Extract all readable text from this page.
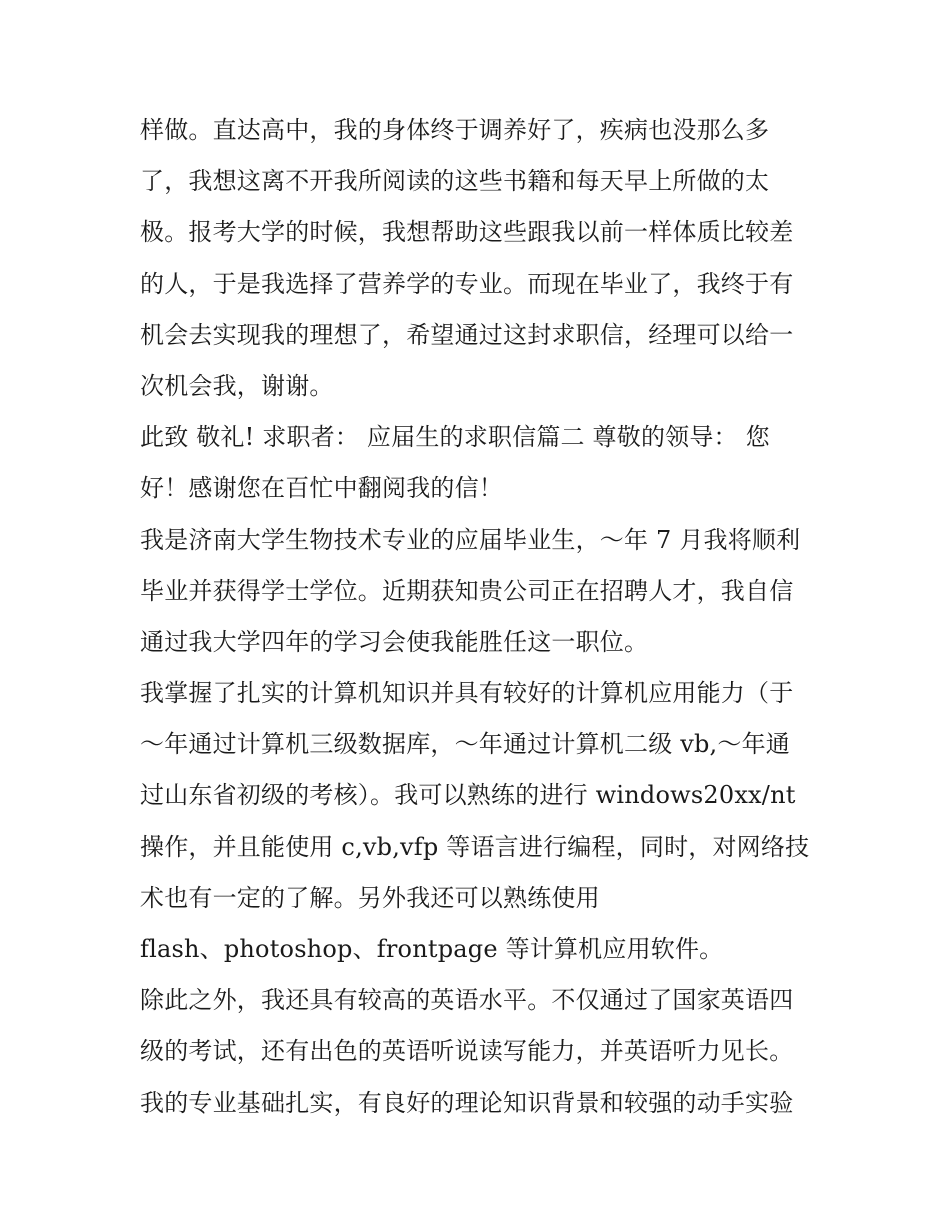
样做。直达高中，我的身体终于调养好了，疾病也没那么多
了，我想这离不开我所阅读的这些书籍和每天早上所做的太
极。报考大学的时候，我想帮助这些跟我以前一样体质比较差
的人，于是我选择了营养学的专业。而现在毕业了，我终于有
机会去实现我的理想了，希望通过这封求职信，经理可以给一
次机会我，谢谢。
此致 敬礼! 求职者： 应届生的求职信篇二 尊敬的领导： 您
好！感谢您在百忙中翻阅我的信！
我是济南大学生物技术专业的应届毕业生，～年 7 月我将顺利
毕业并获得学士学位。近期获知贵公司正在招聘人才，我自信
通过我大学四年的学习会使我能胜任这一职位。
我掌握了扎实的计算机知识并具有较好的计算机应用能力（于
～年通过计算机三级数据库，～年通过计算机二级 vb,～年通
过山东省初级的考核）。我可以熟练的进行 windows20xx/nt
操作，并且能使用 c,vb,vfp 等语言进行编程，同时，对网络技
术也有一定的了解。另外我还可以熟练使用
flash、photoshop、frontpage 等计算机应用软件。
除此之外，我还具有较高的英语水平。不仅通过了国家英语四
级的考试，还有出色的英语听说读写能力，并英语听力见长。
我的专业基础扎实，有良好的理论知识背景和较强的动手实验
